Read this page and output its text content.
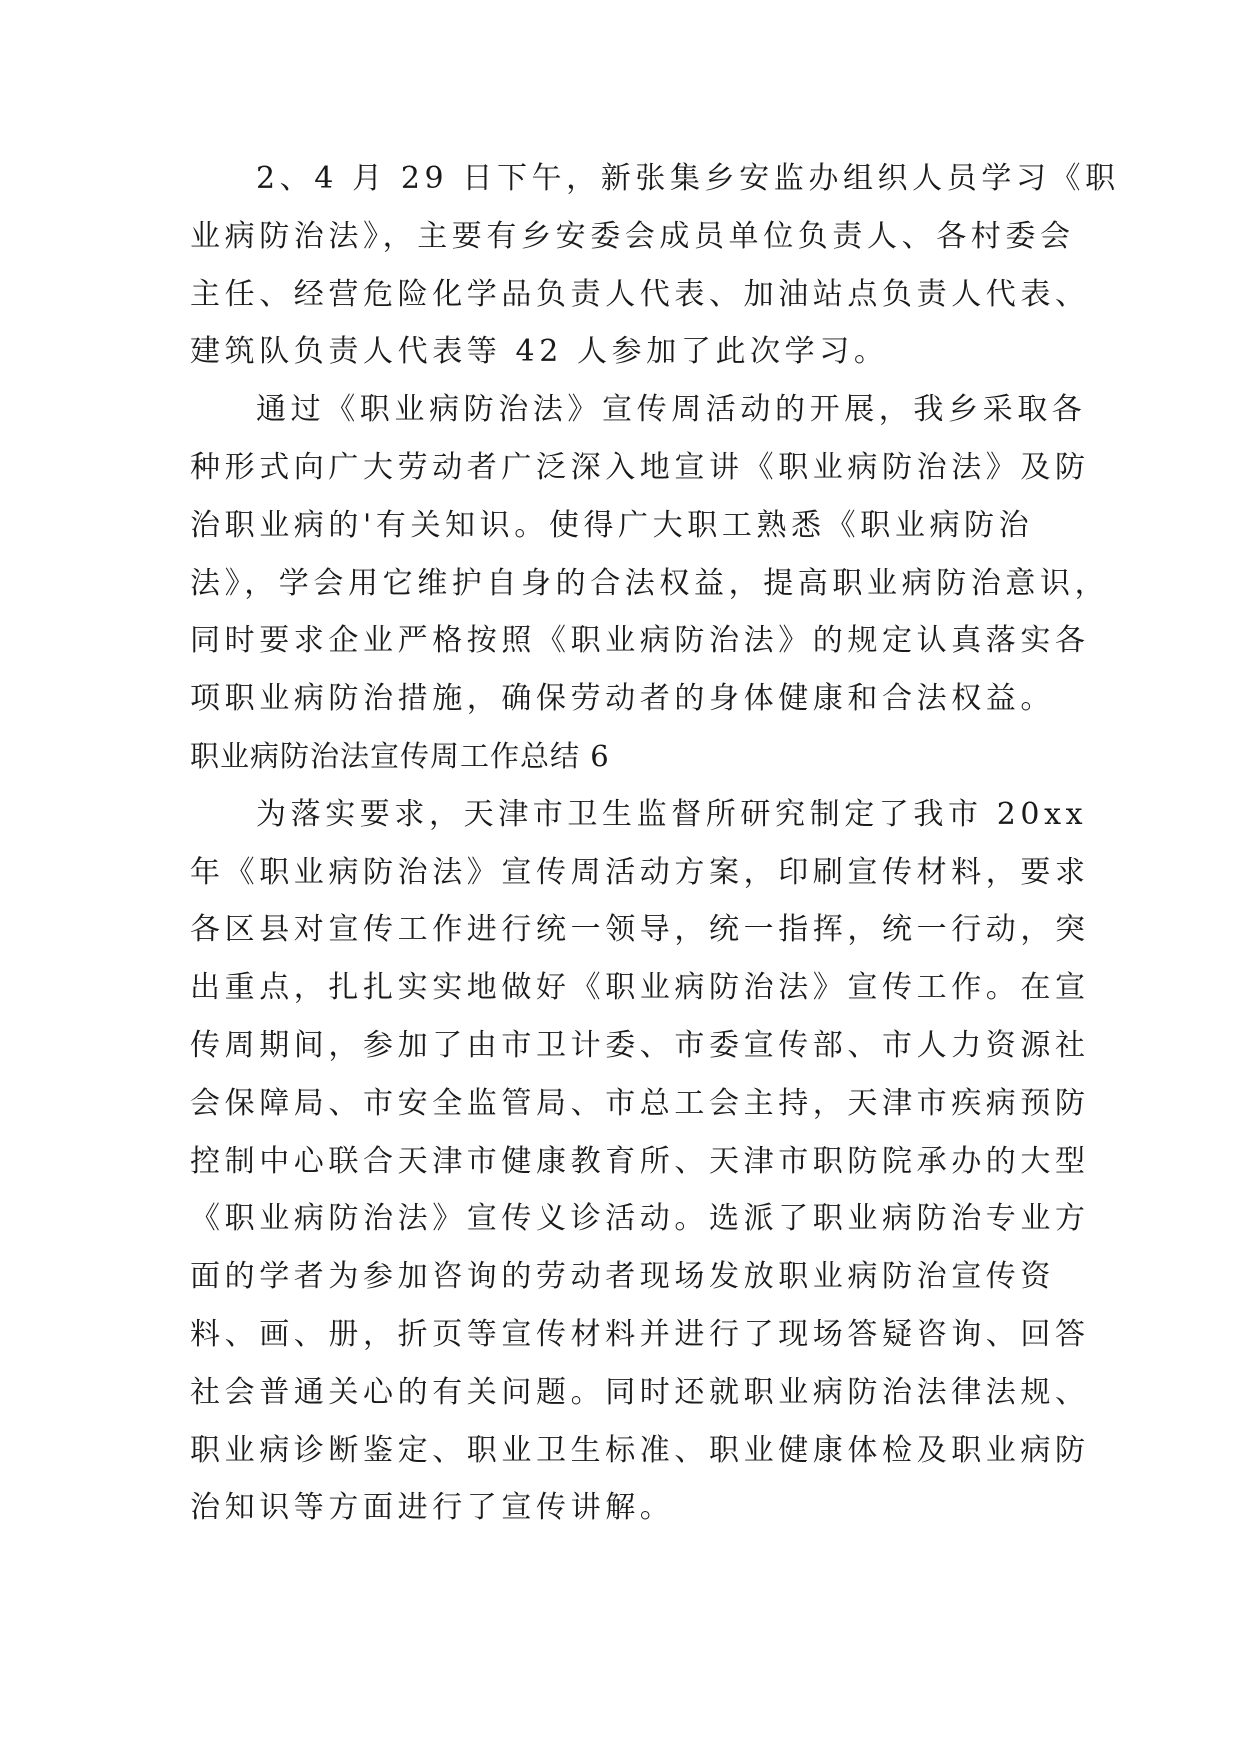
2、4 月 29 日下午，新张集乡安监办组织人员学习《职
业病防治法》，主要有乡安委会成员单位负责人、各村委会
主任、经营危险化学品负责人代表、加油站点负责人代表、
建筑队负责人代表等 42 人参加了此次学习。
通过《职业病防治法》宣传周活动的开展，我乡采取各
种形式向广大劳动者广泛深入地宣讲《职业病防治法》及防
治职业病的'有关知识。使得广大职工熟悉《职业病防治
法》，学会用它维护自身的合法权益，提高职业病防治意识，
同时要求企业严格按照《职业病防治法》的规定认真落实各
项职业病防治措施，确保劳动者的身体健康和合法权益。
职业病防治法宣传周工作总结 6
为落实要求，天津市卫生监督所研究制定了我市 20xx
年《职业病防治法》宣传周活动方案，印刷宣传材料，要求
各区县对宣传工作进行统一领导，统一指挥，统一行动，突
出重点，扎扎实实地做好《职业病防治法》宣传工作。在宣
传周期间，参加了由市卫计委、市委宣传部、市人力资源社
会保障局、市安全监管局、市总工会主持，天津市疾病预防
控制中心联合天津市健康教育所、天津市职防院承办的大型
《职业病防治法》宣传义诊活动。选派了职业病防治专业方
面的学者为参加咨询的劳动者现场发放职业病防治宣传资
料、画、册，折页等宣传材料并进行了现场答疑咨询、回答
社会普通关心的有关问题。同时还就职业病防治法律法规、
职业病诊断鉴定、职业卫生标准、职业健康体检及职业病防
治知识等方面进行了宣传讲解。
